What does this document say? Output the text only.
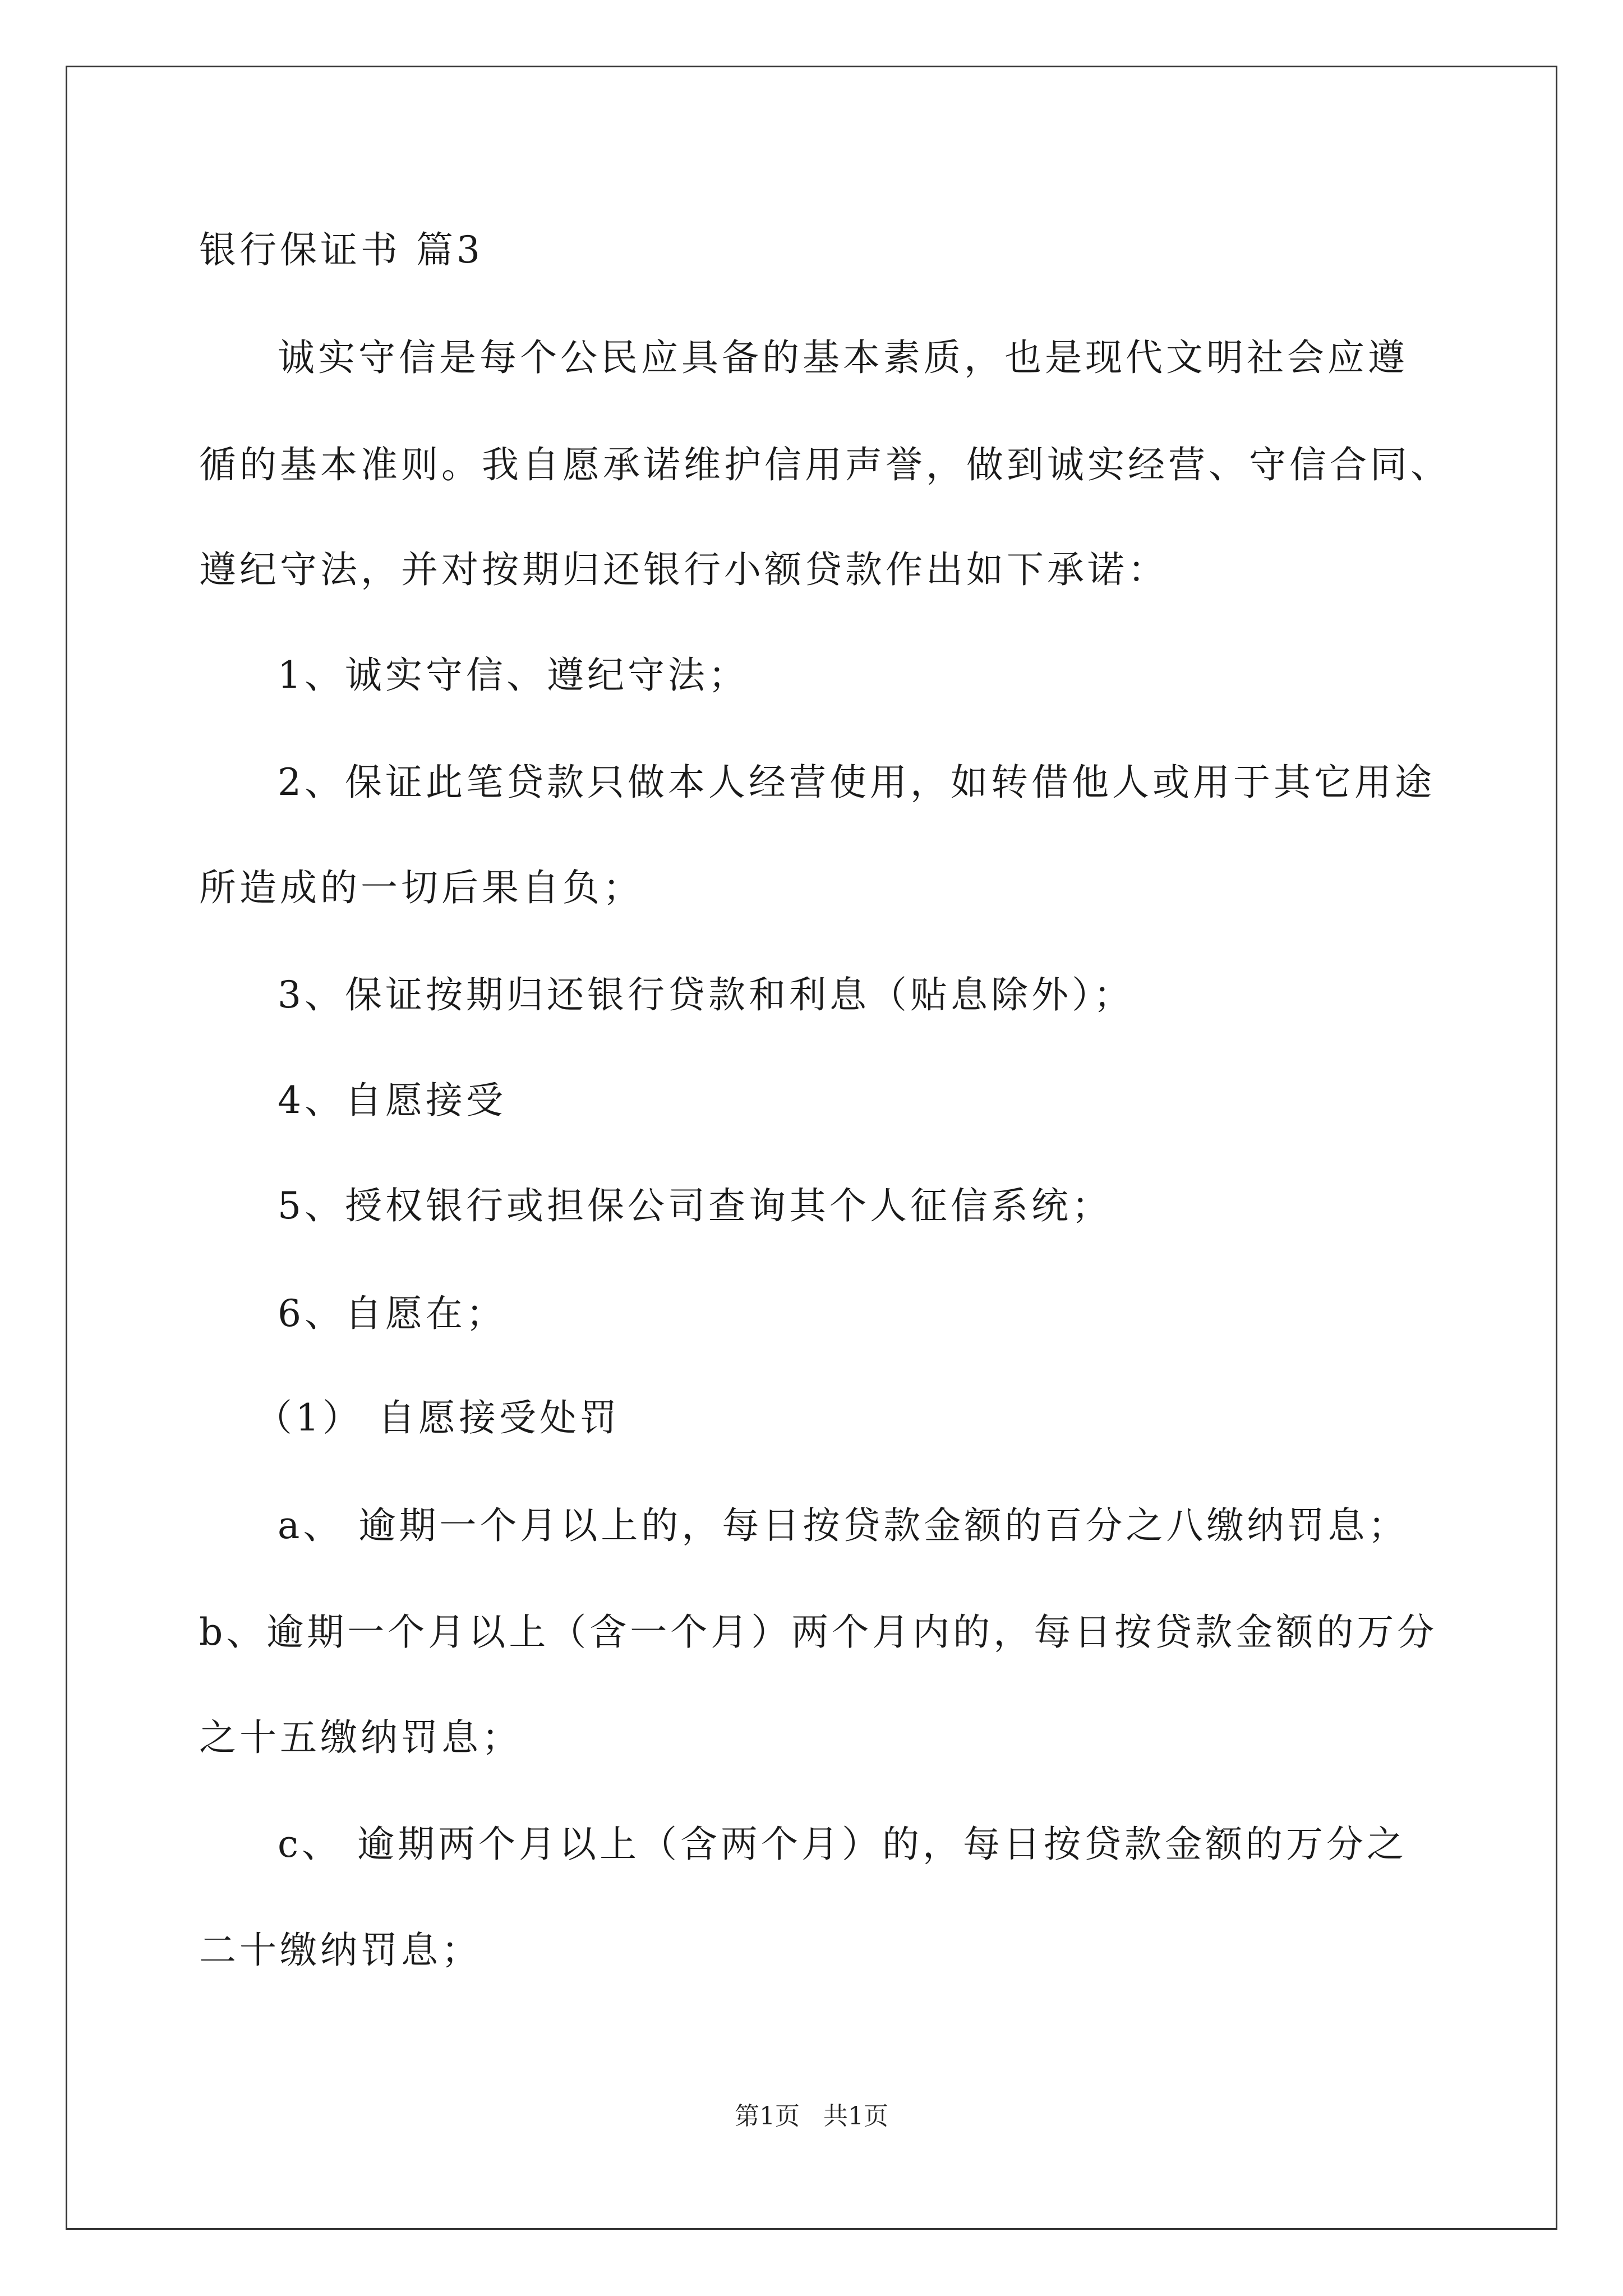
银行保证书 篇3
诚实守信是每个公民应具备的基本素质，也是现代文明社会应遵
循的基本准则。我自愿承诺维护信用声誉，做到诚实经营、守信合同、
遵纪守法，并对按期归还银行小额贷款作出如下承诺：
1、诚实守信、遵纪守法；
2、保证此笔贷款只做本人经营使用，如转借他人或用于其它用途
所造成的一切后果自负；
3、保证按期归还银行贷款和利息（贴息除外）；
4、自愿接受
5、授权银行或担保公司查询其个人征信系统；
6、自愿在；
（1） 自愿接受处罚
a、 逾期一个月以上的，每日按贷款金额的百分之八缴纳罚息；
b、逾期一个月以上（含一个月）两个月内的，每日按贷款金额的万分
之十五缴纳罚息；
c、 逾期两个月以上（含两个月）的，每日按贷款金额的万分之
二十缴纳罚息；
第1页 共1页
